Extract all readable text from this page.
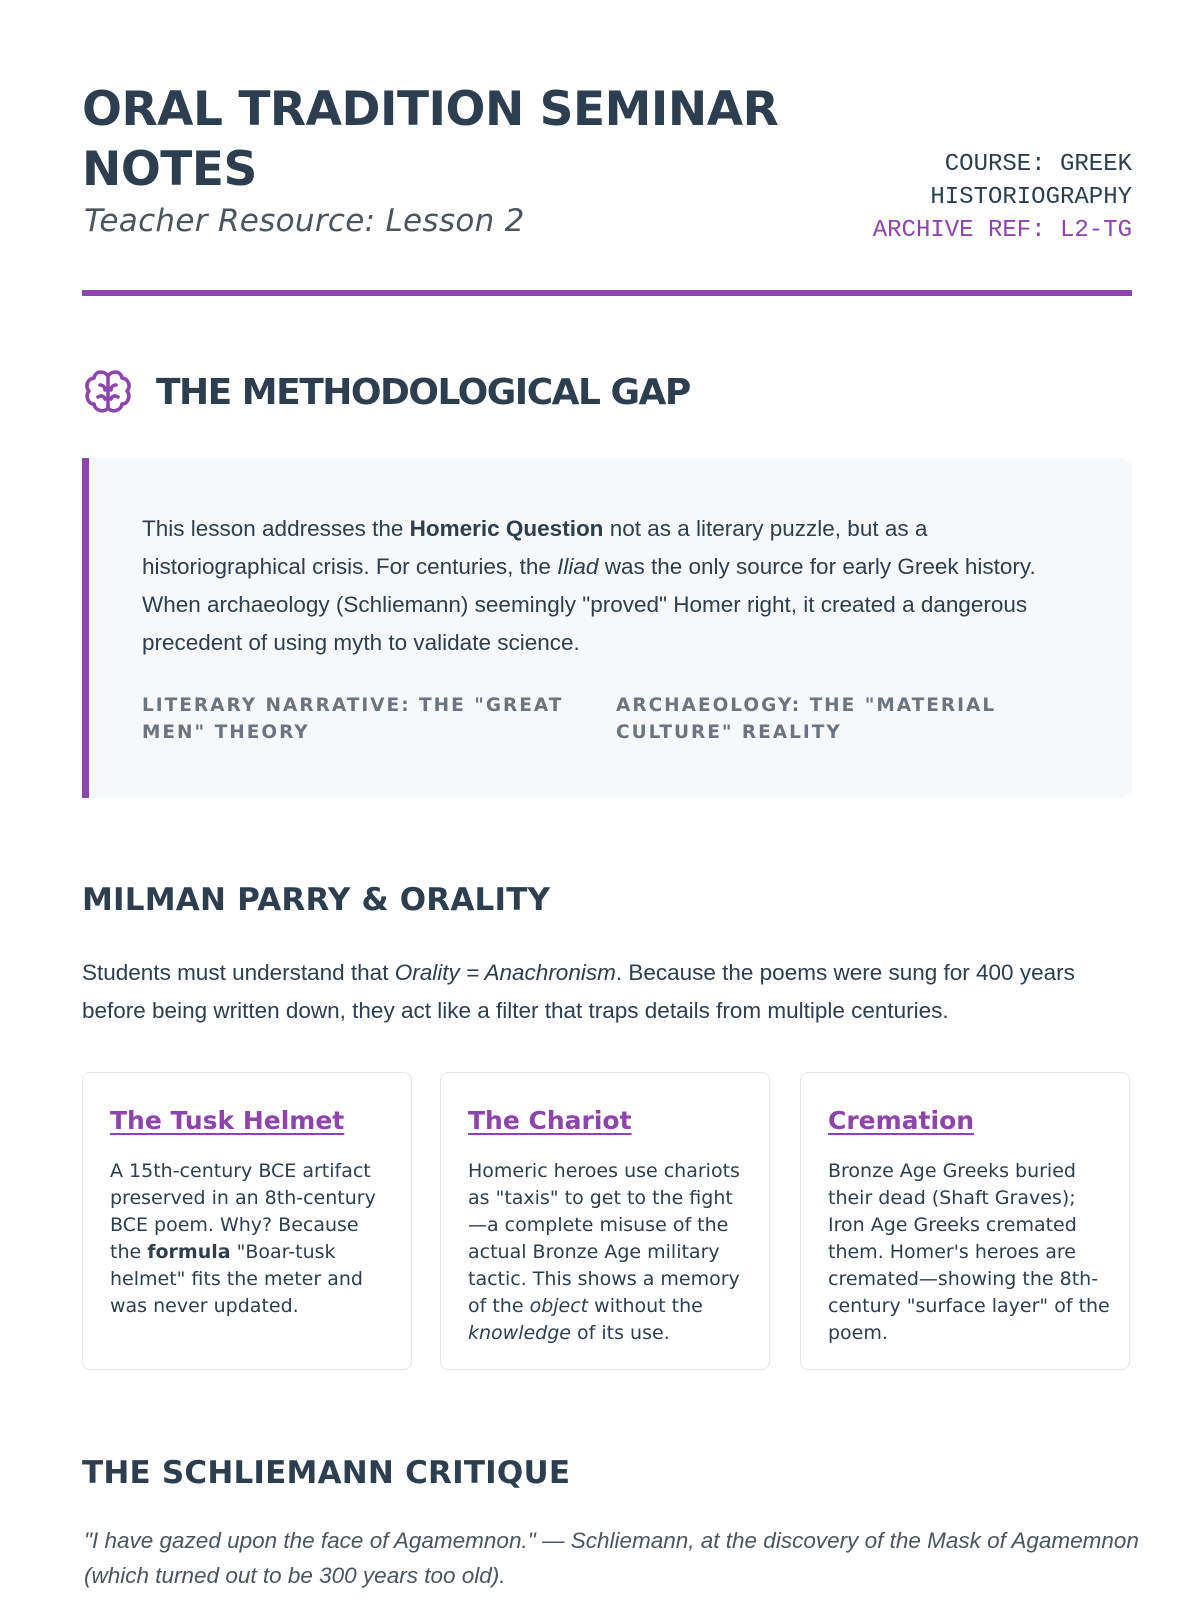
ORAL TRADITION SEMINAR NOTES
Teacher Resource: Lesson 2
COURSE: GREEK HISTORIOGRAPHY
ARCHIVE REF: L2-TG
THE METHODOLOGICAL GAP

This lesson addresses the Homeric Question not as a literary puzzle, but as a historiographical crisis. For centuries, the Iliad was the only source for early Greek history. When archaeology (Schliemann) seemingly "proved" Homer right, it created a dangerous precedent of using myth to validate science.

LITERARY NARRATIVE: THE "GREAT MEN" THEORY
ARCHAEOLOGY: THE "MATERIAL CULTURE" REALITY
MILMAN PARRY & ORALITY

Students must understand that Orality = Anachronism. Because the poems were sung for 400 years before being written down, they act like a filter that traps details from multiple centuries.

The Tusk Helmet

A 15th-century BCE artifact preserved in an 8th-century BCE poem. Why? Because the formula "Boar-tusk helmet" fits the meter and was never updated.

The Chariot

Homeric heroes use chariots as "taxis" to get to the fight—a complete misuse of the actual Bronze Age military tactic. This shows a memory of the object without the knowledge of its use.

Cremation

Bronze Age Greeks buried their dead (Shaft Graves); Iron Age Greeks cremated them. Homer's heroes are cremated—showing the 8th-century "surface layer" of the poem.

THE SCHLIEMANN CRITIQUE

"I have gazed upon the face of Agamemnon." — Schliemann, at the discovery of the Mask of Agamemnon (which turned out to be 300 years too old).
